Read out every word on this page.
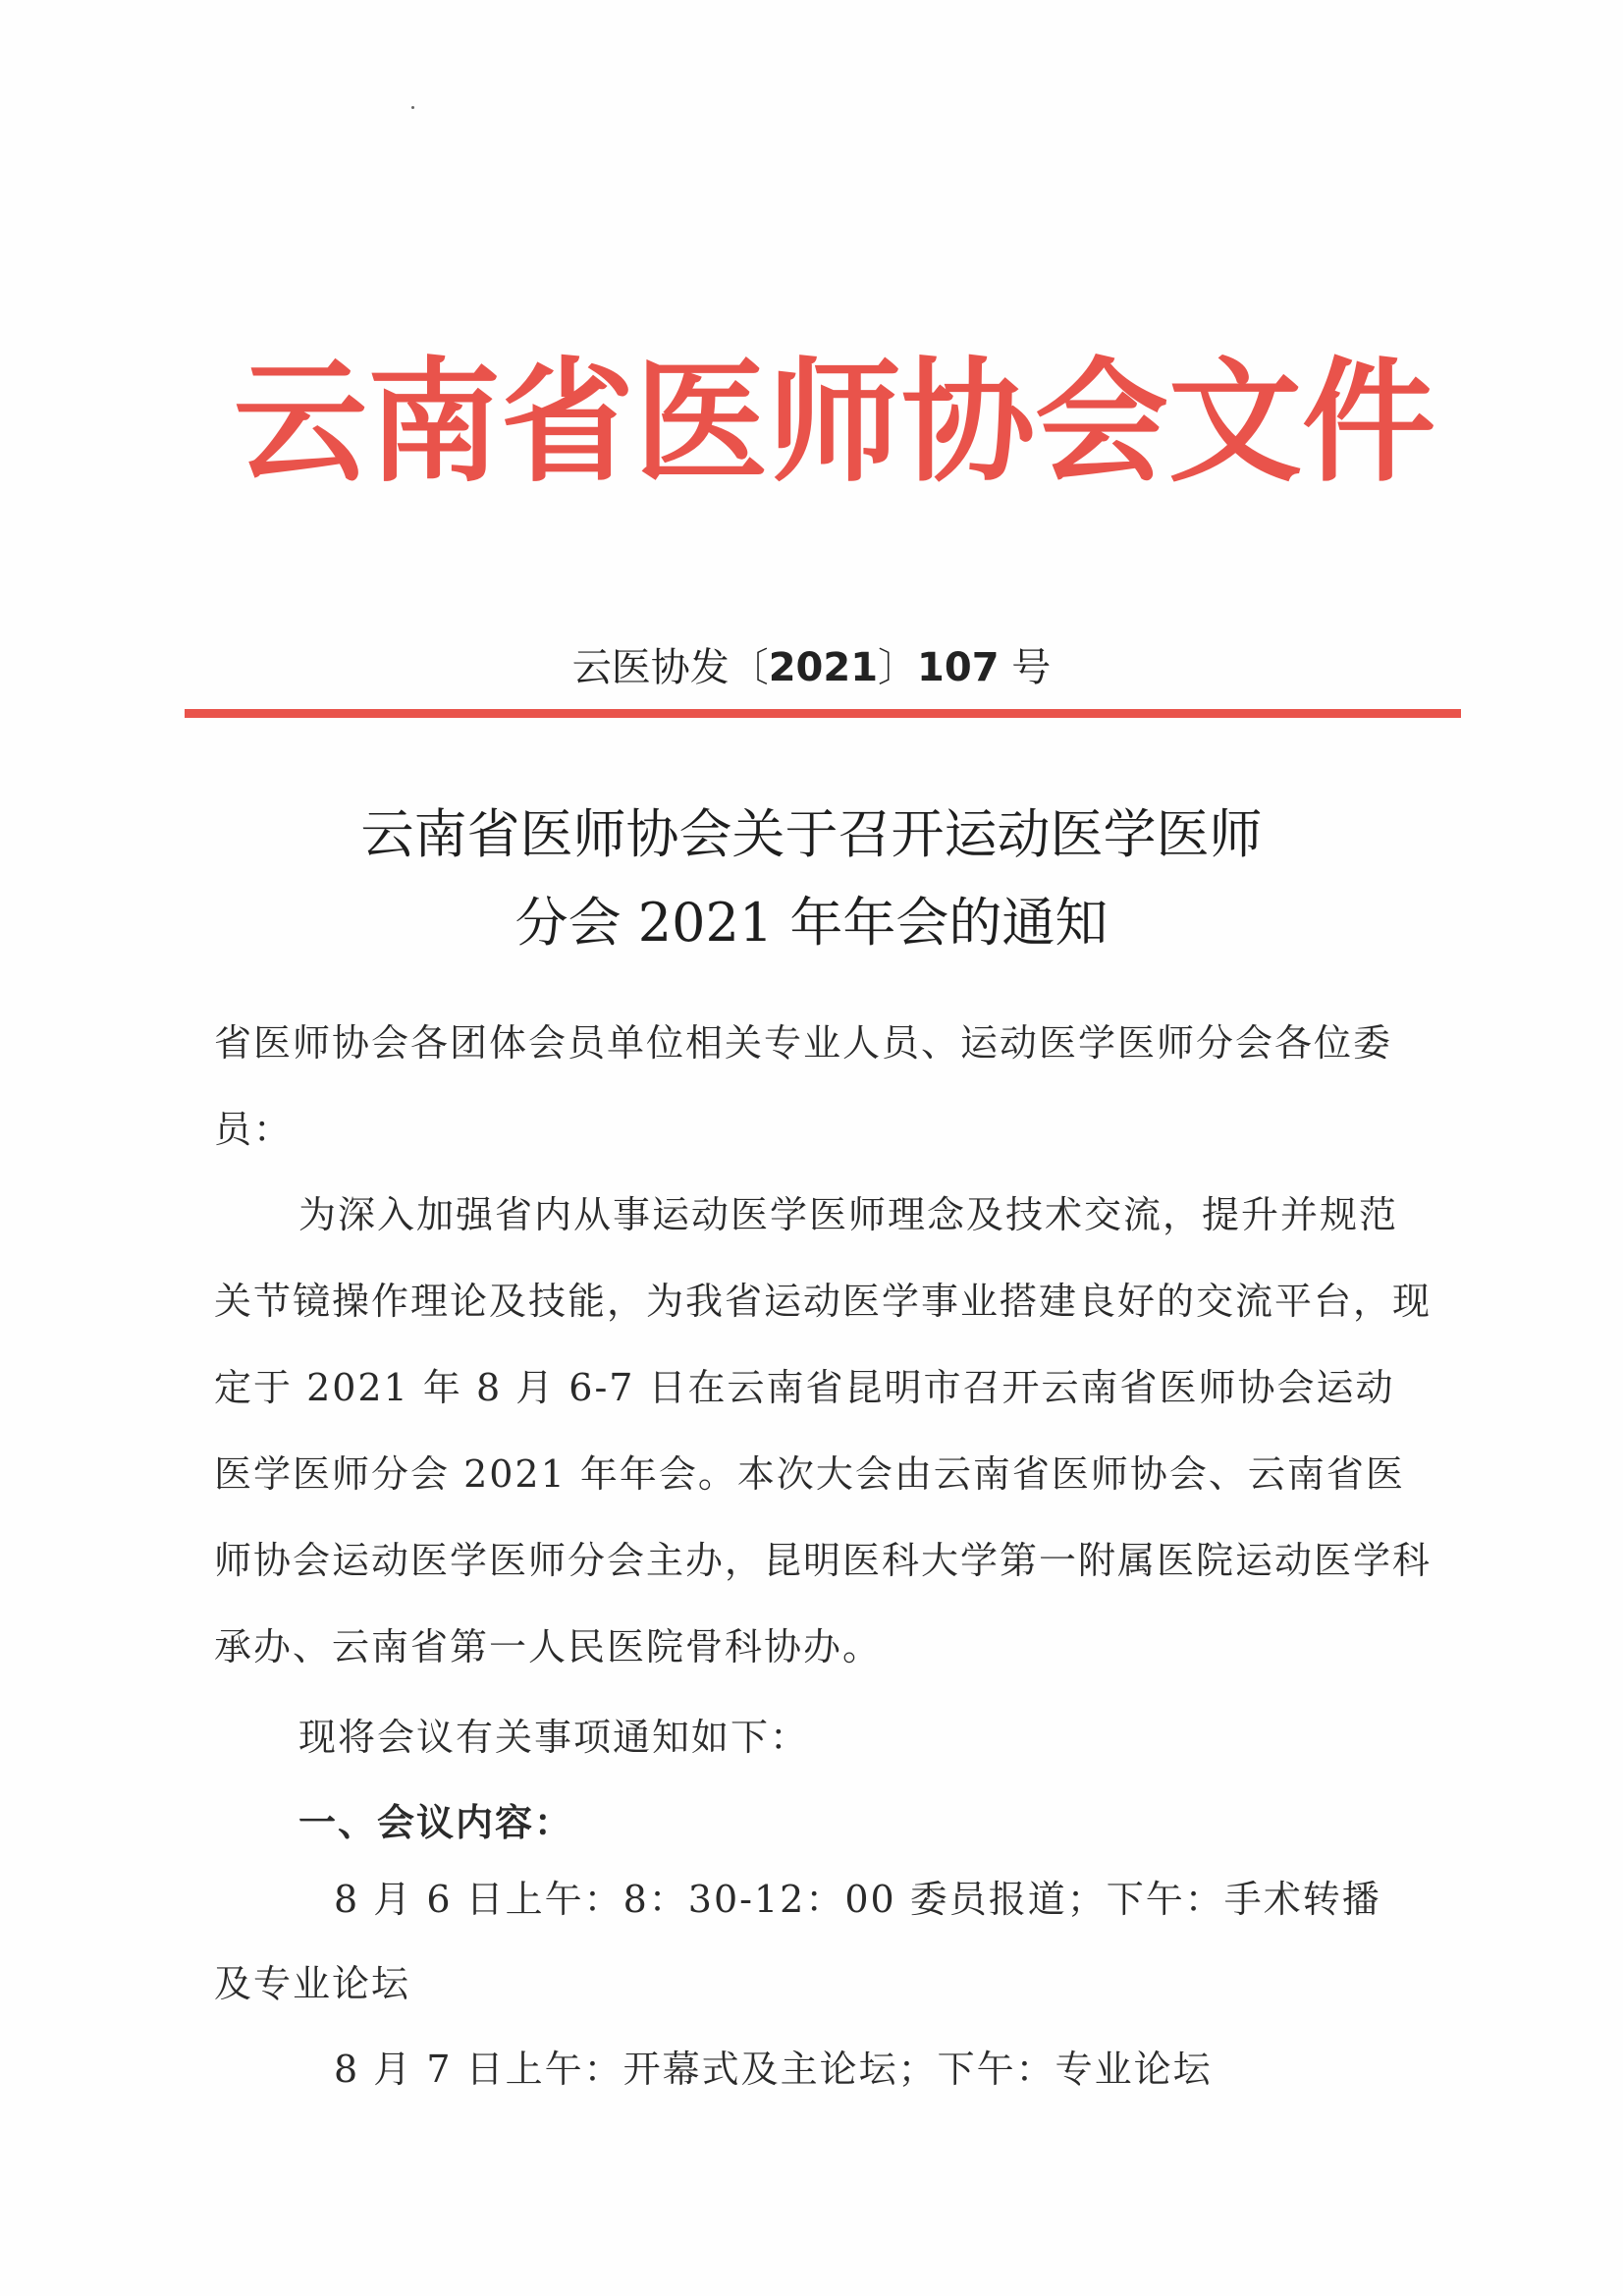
云南省医师协会文件
云医协发〔2021〕107 号
云南省医师协会关于召开运动医学医师
分会 2021 年年会的通知
省医师协会各团体会员单位相关专业人员、运动医学医师分会各位委员：
为深入加强省内从事运动医学医师理念及技术交流，提升并规范关节镜操作理论及技能，为我省运动医学事业搭建良好的交流平台，现定于 2021 年 8 月 6-7 日在云南省昆明市召开云南省医师协会运动医学医师分会 2021 年年会。本次大会由云南省医师协会、云南省医师协会运动医学医师分会主办，昆明医科大学第一附属医院运动医学科承办、云南省第一人民医院骨科协办。
现将会议有关事项通知如下：
一、会议内容：
8 月 6 日上午：8：30-12：00 委员报道；下午：手术转播
及专业论坛
8 月 7 日上午：开幕式及主论坛；下午：专业论坛
